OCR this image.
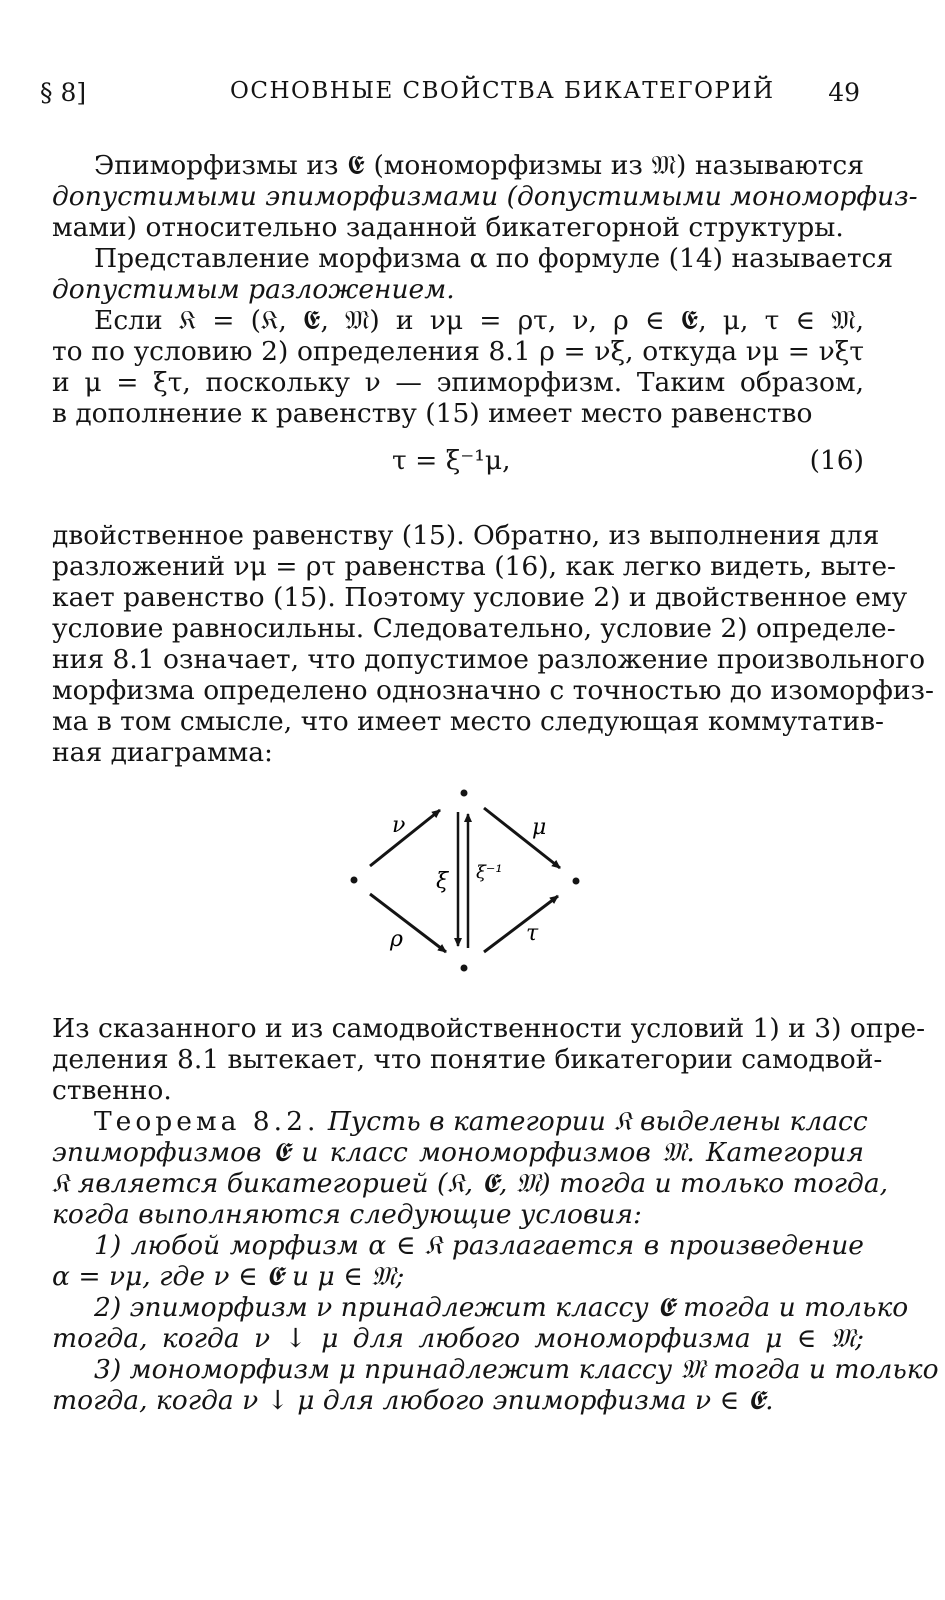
§ 8]	ОСНОВНЫЕ СВОЙСТВА БИКАТЕГОРИЙ 49
Эпиморфизмы из 𝕰 (мономорфизмы из 𝔐) называются
допустимыми эпиморфизмами (допустимыми мономорфиз-
мами) относительно заданной бикатегорной структуры.
Представление морфизма α по формуле (14) называется
допустимым разложением.
Если 𝔎 = (𝔎, 𝕰, 𝔐) и νμ = ρτ, ν, ρ ∈ 𝕰, μ, τ ∈ 𝔐,
то по условию 2) определения 8.1 ρ = νξ, откуда νμ = νξτ
и μ = ξτ, поскольку ν — эпиморфизм. Таким образом,
в дополнение к равенству (15) имеет место равенство
τ = ξ⁻¹μ,	(16)
двойственное равенству (15). Обратно, из выполнения для
разложений νμ = ρτ равенства (16), как легко видеть, выте-
кает равенство (15). Поэтому условие 2) и двойственное ему
условие равносильны. Следовательно, условие 2) определе-
ния 8.1 означает, что допустимое разложение произвольного
морфизма определено однозначно с точностью до изоморфиз-
ма в том смысле, что имеет место следующая коммутатив-
ная диаграмма:
ν	μ
ξ ξ⁻¹
ρ	τ
Из сказанного и из самодвойственности условий 1) и 3) опре-
деления 8.1 вытекает, что понятие бикатегории самодвой-
ственно.
Теорема 8.2. Пусть в категории 𝔎 выделены класс
эпиморфизмов 𝕰 и класс мономорфизмов 𝔐. Категория
𝔎 является бикатегорией (𝔎, 𝕰, 𝔐) тогда и только тогда,
когда выполняются следующие условия:
1) любой морфизм α ∈ 𝔎 разлагается в произведение
α = νμ, где ν ∈ 𝕰 и μ ∈ 𝔐;
2) эпиморфизм ν принадлежит классу 𝕰 тогда и только
тогда, когда ν ↓ μ для любого мономорфизма μ ∈ 𝔐;
3) мономорфизм μ принадлежит классу 𝔐 тогда и только
тогда, когда ν ↓ μ для любого эпиморфизма ν ∈ 𝕰.
